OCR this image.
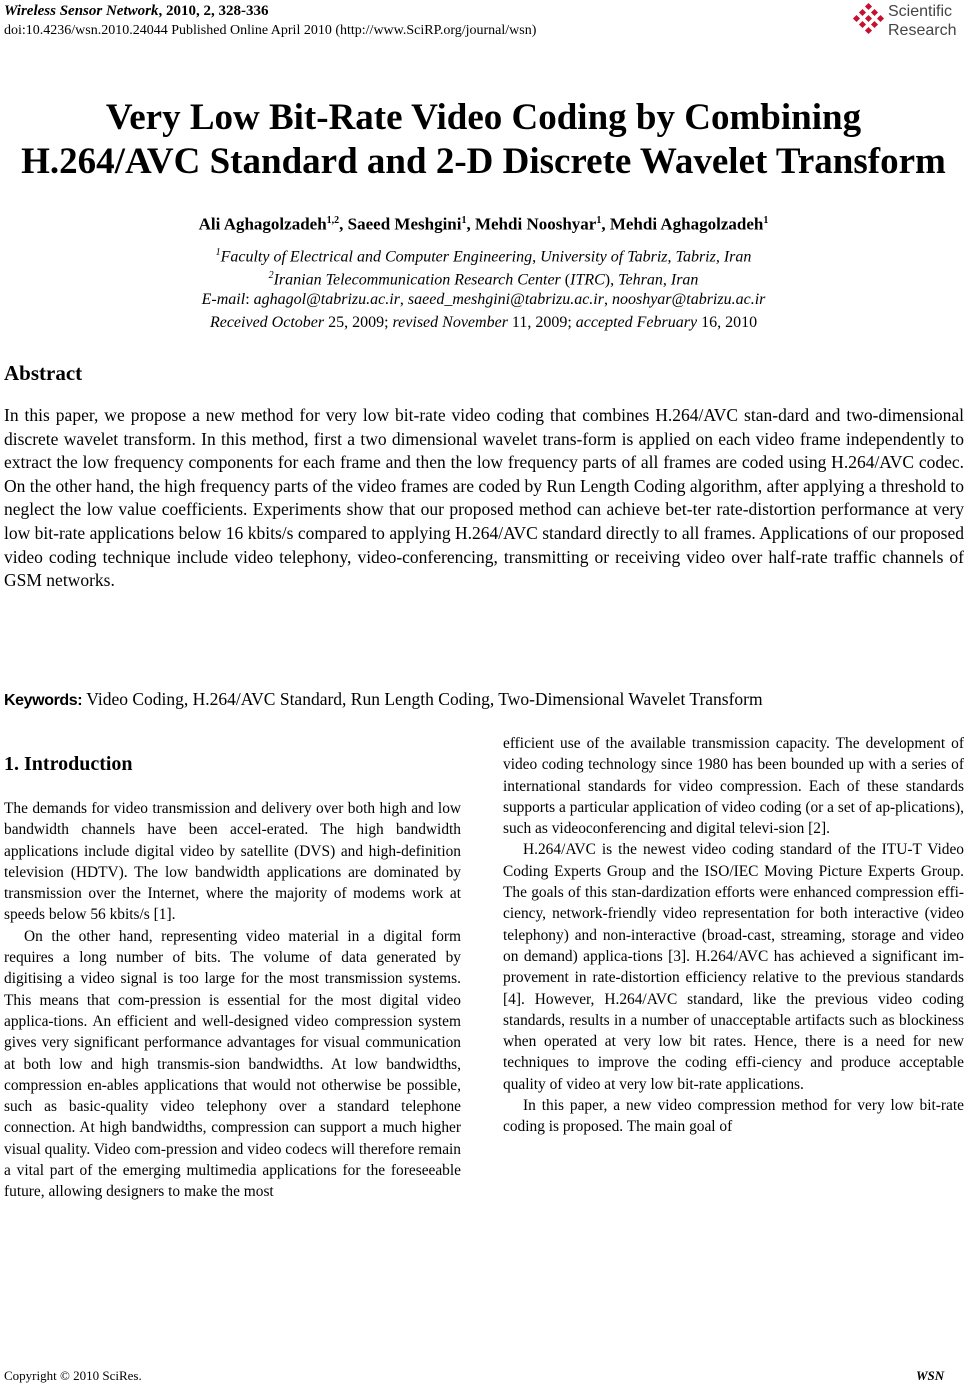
Wireless Sensor Network, 2010, 2, 328-336
doi:10.4236/wsn.2010.24044 Published Online April 2010 (http://www.SciRP.org/journal/wsn)
Scientific
Research
Very Low Bit-Rate Video Coding by Combining
H.264/AVC Standard and 2-D Discrete Wavelet Transform
Ali Aghagolzadeh$^{1,2}$, Saeed Meshgini$^1$, Mehdi Nooshyar$^1$, Mehdi Aghagolzadeh$^1$
$^1$Faculty of Electrical and Computer Engineering, University of Tabriz, Tabriz, Iran
$^2$Iranian Telecommunication Research Center (ITRC), Tehran, Iran
E-mail: aghagol@tabrizu.ac.ir, saeed_meshgini@tabrizu.ac.ir, nooshyar@tabrizu.ac.ir
Received October 25, 2009; revised November 11, 2009; accepted February 16, 2010
Abstract
In this paper, we propose a new method for very low bit-rate video coding that combines H.264/AVC stan-dard and two-dimensional discrete wavelet transform. In this method, first a two dimensional wavelet trans-form is applied on each video frame independently to extract the low frequency components for each frame and then the low frequency parts of all frames are coded using H.264/AVC codec. On the other hand, the high frequency parts of the video frames are coded by Run Length Coding algorithm, after applying a threshold to neglect the low value coefficients. Experiments show that our proposed method can achieve bet-ter rate-distortion performance at very low bit-rate applications below 16 kbits/s compared to applying H.264/AVC standard directly to all frames. Applications of our proposed video coding technique include video telephony, video-conferencing, transmitting or receiving video over half-rate traffic channels of GSM networks.
Keywords: Video Coding, H.264/AVC Standard, Run Length Coding, Two-Dimensional Wavelet Transform
1. Introduction

The demands for video transmission and delivery over both high and low bandwidth channels have been accel-erated. The high bandwidth applications include digital video by satellite (DVS) and high-definition television (HDTV). The low bandwidth applications are dominated by transmission over the Internet, where the majority of modems work at speeds below 56 kbits/s [1].

On the other hand, representing video material in a digital form requires a long number of bits. The volume of data generated by digitising a video signal is too large for the most transmission systems. This means that com-pression is essential for the most digital video applica-tions. An efficient and well-designed video compression system gives very significant performance advantages for visual communication at both low and high transmis-sion bandwidths. At low bandwidths, compression en-ables applications that would not otherwise be possible, such as basic-quality video telephony over a standard telephone connection. At high bandwidths, compression can support a much higher visual quality. Video com-pression and video codecs will therefore remain a vital part of the emerging multimedia applications for the foreseeable future, allowing designers to make the most

efficient use of the available transmission capacity. The development of video coding technology since 1980 has been bounded up with a series of international standards for video compression. Each of these standards supports a particular application of video coding (or a set of ap-plications), such as videoconferencing and digital televi-sion [2].

H.264/AVC is the newest video coding standard of the ITU-T Video Coding Experts Group and the ISO/IEC Moving Picture Experts Group. The goals of this stan-dardization efforts were enhanced compression effi-ciency, network-friendly video representation for both interactive (video telephony) and non-interactive (broad-cast, streaming, storage and video on demand) applica-tions [3]. H.264/AVC has achieved a significant im-provement in rate-distortion efficiency relative to the previous standards [4]. However, H.264/AVC standard, like the previous video coding standards, results in a number of unacceptable artifacts such as blockiness when operated at very low bit rates. Hence, there is a need for new techniques to improve the coding effi-ciency and produce acceptable quality of video at very low bit-rate applications.

In this paper, a new video compression method for very low bit-rate coding is proposed. The main goal of

Copyright © 2010 SciRes.	WSN
